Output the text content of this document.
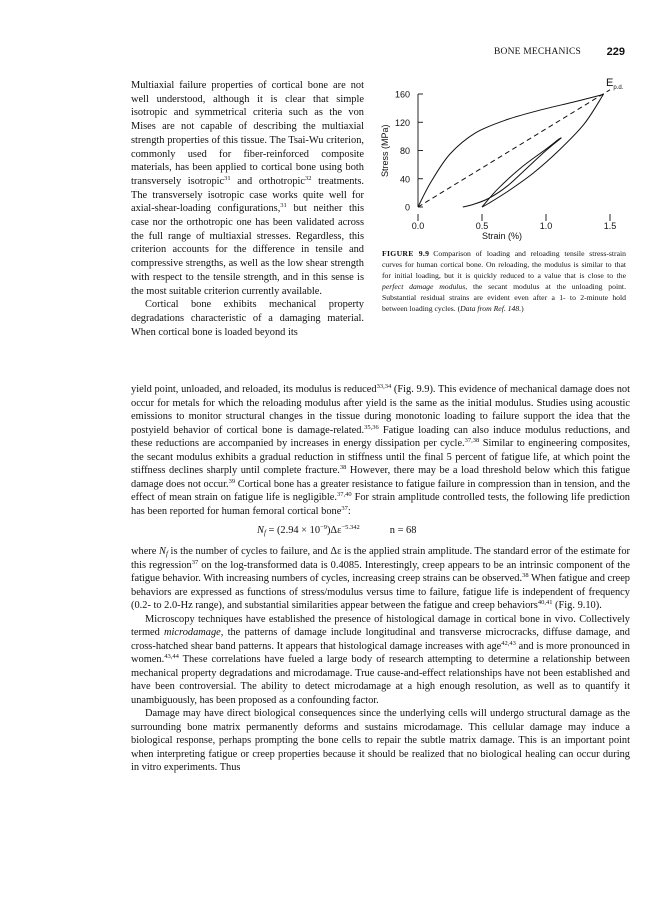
BONE MECHANICS 229

Multiaxial failure properties of cortical bone are not well understood, although it is clear that simple isotropic and symmetrical criteria such as the von Mises are not capable of describing the multiaxial strength properties of this tissue. The Tsai-Wu criterion, commonly used for fiber-reinforced composite materials, has been applied to cortical bone using both transversely isotropic$^{31}$ and orthotropic$^{32}$ treatments. The transversely isotropic case works quite well for axial-shear-loading configurations,$^{31}$ but neither this case nor the orthotropic one has been validated across the full range of multiaxial stresses. Regardless, this criterion accounts for the difference in tensile and compressive strengths, as well as the low shear strength with respect to the tensile strength, and in this sense is the most suitable criterion currently available.

Cortical bone exhibits mechanical property degradations characteristic of a damaging material. When cortical bone is loaded beyond its

0
40
80
120
160
0.0	0.5	1.0	1.5
Stress (MPa)
Strain (%)
$E_{p.d.}$
FIGURE 9.9 Comparison of loading and reloading tensile stress-strain curves for human cortical bone. On reloading, the modulus is similar to that for initial loading, but it is quickly reduced to a value that is close to the perfect damage modulus, the secant modulus at the unloading point. Substantial residual strains are evident even after a 1- to 2-minute hold between loading cycles. (Data from Ref. 148.)

yield point, unloaded, and reloaded, its modulus is reduced$^{33,34}$ (Fig. 9.9). This evidence of mechanical damage does not occur for metals for which the reloading modulus after yield is the same as the initial modulus. Studies using acoustic emissions to monitor structural changes in the tissue during monotonic loading to failure support the idea that the postyield behavior of cortical bone is damage-related.$^{35,36}$ Fatigue loading can also induce modulus reductions, and these reductions are accompanied by increases in energy dissipation per cycle.$^{37,38}$ Similar to engineering composites, the secant modulus exhibits a gradual reduction in stiffness until the final 5 percent of fatigue life, at which point the stiffness declines sharply until complete fracture.$^{38}$ However, there may be a load threshold below which this fatigue damage does not occur.$^{39}$ Cortical bone has a greater resistance to fatigue failure in compression than in tension, and the effect of mean strain on fatigue life is negligible.$^{37,40}$ For strain amplitude controlled tests, the following life prediction has been reported for human femoral cortical bone$^{37}$:

$N_f = (2.94 \times 10^{-9})\Delta\varepsilon^{-5.342}$	n = 68

where $N_f$ is the number of cycles to failure, and Δε is the applied strain amplitude. The standard error of the estimate for this regression$^{37}$ on the log-transformed data is 0.4085. Interestingly, creep appears to be an intrinsic component of the fatigue behavior. With increasing numbers of cycles, increasing creep strains can be observed.$^{38}$ When fatigue and creep behaviors are expressed as functions of stress/modulus versus time to failure, fatigue life is independent of frequency (0.2- to 2.0-Hz range), and substantial similarities appear between the fatigue and creep behaviors$^{40,41}$ (Fig. 9.10).

Microscopy techniques have established the presence of histological damage in cortical bone in vivo. Collectively termed microdamage, the patterns of damage include longitudinal and transverse microcracks, diffuse damage, and cross-hatched shear band patterns. It appears that histological damage increases with age$^{42,43}$ and is more pronounced in women.$^{43,44}$ These correlations have fueled a large body of research attempting to determine a relationship between mechanical property degradations and microdamage. True cause-and-effect relationships have not been established and have been controversial. The ability to detect microdamage at a high enough resolution, as well as to quantify it unambiguously, has been proposed as a confounding factor.

Damage may have direct biological consequences since the underlying cells will undergo structural damage as the surrounding bone matrix permanently deforms and sustains microdamage. This cellular damage may induce a biological response, perhaps prompting the bone cells to repair the subtle matrix damage. This is an important point when interpreting fatigue or creep properties because it should be realized that no biological healing can occur during in vitro experiments. Thus
